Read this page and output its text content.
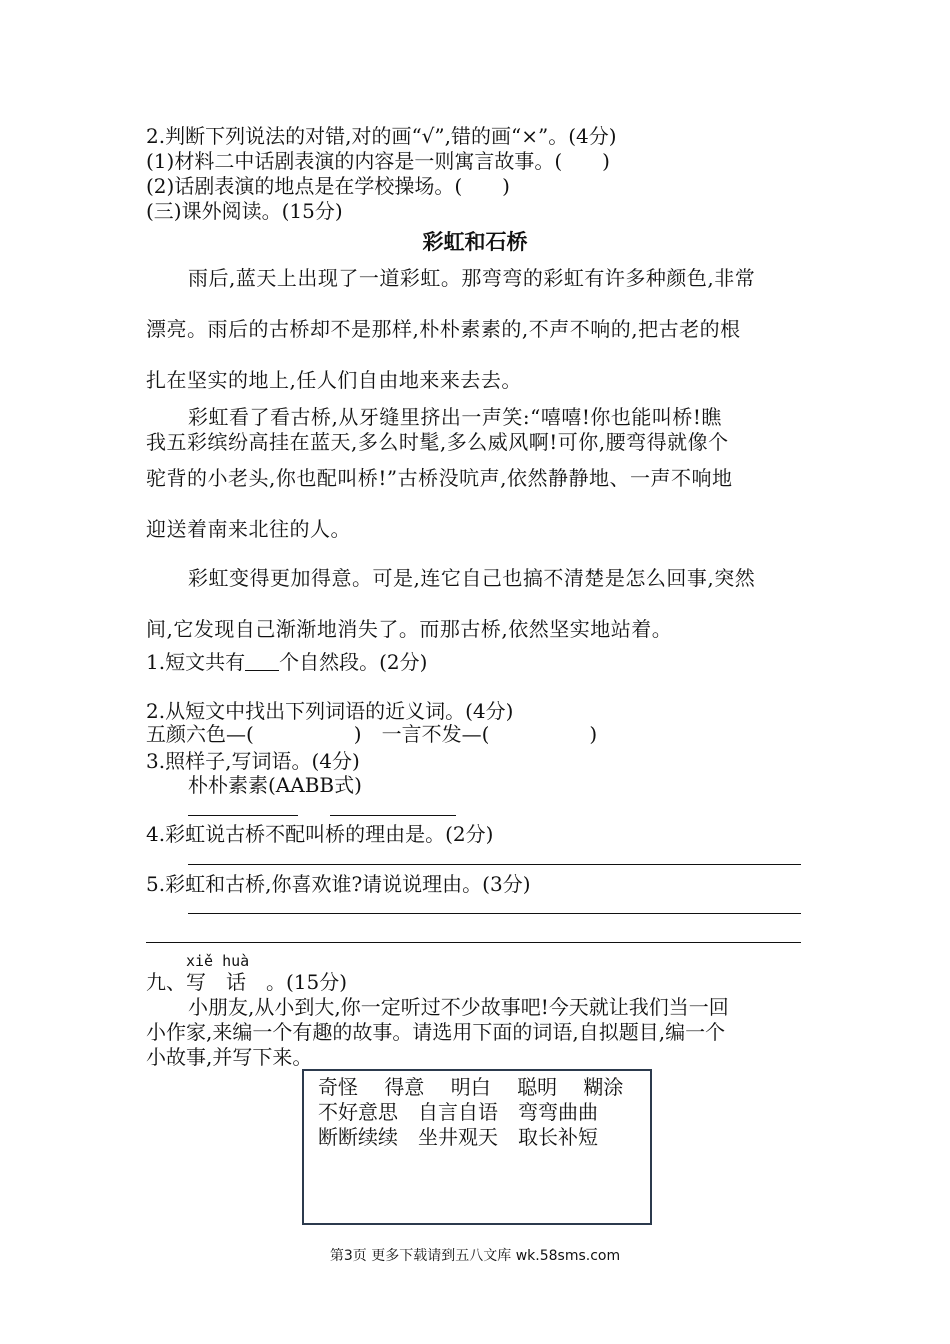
2.判断下列说法的对错,对的画“√”,错的画“×”。(4分)
(1)材料二中话剧表演的内容是一则寓言故事。(　　)
(2)话剧表演的地点是在学校操场。(　　)
(三)课外阅读。(15分)
彩虹和石桥
雨后,蓝天上出现了一道彩虹。那弯弯的彩虹有许多种颜色,非常
漂亮。雨后的古桥却不是那样,朴朴素素的,不声不响的,把古老的根
扎在坚实的地上,任人们自由地来来去去。
彩虹看了看古桥,从牙缝里挤出一声笑:“嘻嘻!你也能叫桥!瞧
我五彩缤纷高挂在蓝天,多么时髦,多么威风啊!可你,腰弯得就像个
驼背的小老头,你也配叫桥!”古桥没吭声,依然静静地、一声不响地
迎送着南来北往的人。
彩虹变得更加得意。可是,连它自己也搞不清楚是怎么回事,突然
间,它发现自己渐渐地消失了。而那古桥,依然坚实地站着。
1.短文共有 个自然段。(2分)
2.从短文中找出下列词语的近义词。(4分)
五颜六色—(　　　　　)　一言不发—(　　　　　)
3.照样子,写词语。(4分)
朴朴素素(AABB式)
4.彩虹说古桥不配叫桥的理由是。(2分)
5.彩虹和古桥,你喜欢谁?请说说理由。(3分)
xiě huà
九、写　话　。(15分)
小朋友,从小到大,你一定听过不少故事吧!今天就让我们当一回
小作家,来编一个有趣的故事。请选用下面的词语,自拟题目,编一个
小故事,并写下来。
奇怪　 得意　 明白　 聪明　 糊涂
不好意思　自言自语　弯弯曲曲
断断续续　坐井观天　取长补短
第3页 更多下载请到五八文库 wk.58sms.com
